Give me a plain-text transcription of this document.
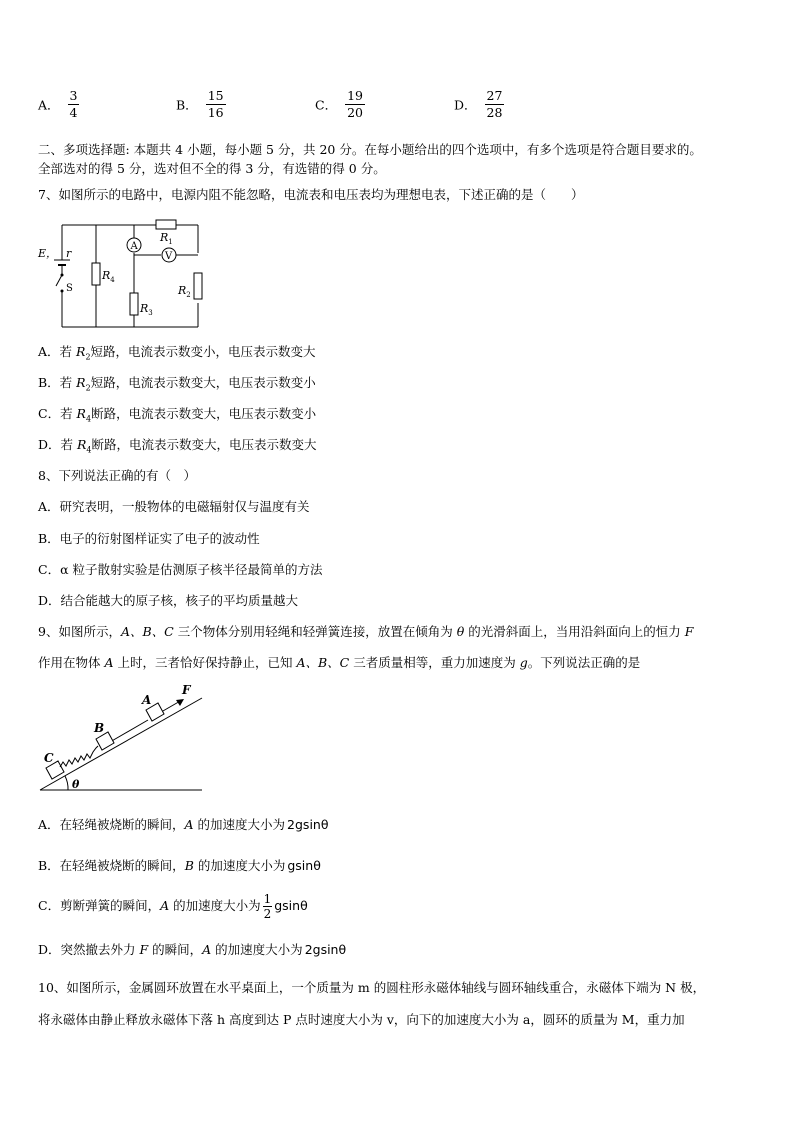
A． $\frac{3}{4}$	B． $\frac{15}{16}$	C． $\frac{19}{20}$	D． $\frac{27}{28}$
二、多项选择题: 本题共 4 小题，每小题 5 分，共 20 分。在每小题给出的四个选项中，有多个选项是符合题目要求的。
全部选对的得 5 分，选对但不全的得 3 分，有选错的得 0 分。
7、如图所示的电路中，电源内阻不能忽略，电流表和电压表均为理想电表，下述正确的是（　　）
A
V
E， r
S
$R_1$
$R_2$
$R_3$
$R_4$
A．若 $R_2$短路，电流表示数变小，电压表示数变大
B．若 $R_2$短路，电流表示数变大，电压表示数变小
C．若 $R_4$断路，电流表示数变大，电压表示数变小
D．若 $R_4$断路，电流表示数变大，电压表示数变大
8、下列说法正确的有（　）
A．研究表明，一般物体的电磁辐射仅与温度有关
B．电子的衍射图样证实了电子的波动性
C．α 粒子散射实验是估测原子核半径最简单的方法
D．结合能越大的原子核，核子的平均质量越大
9、如图所示，A、B、C 三个物体分别用轻绳和轻弹簧连接，放置在倾角为 θ 的光滑斜面上，当用沿斜面向上的恒力 F
作用在物体 A 上时，三者恰好保持静止，已知 A、B、C 三者质量相等，重力加速度为 g。下列说法正确的是
C
B
A
F
θ
A．在轻绳被烧断的瞬间，A 的加速度大小为 2gsinθ
B．在轻绳被烧断的瞬间，B 的加速度大小为 gsinθ
C．剪断弹簧的瞬间，A 的加速度大小为 $\frac{1}{2}$ gsinθ
D．突然撤去外力 F 的瞬间，A 的加速度大小为 2gsinθ
10、如图所示，金属圆环放置在水平桌面上，一个质量为 m 的圆柱形永磁体轴线与圆环轴线重合，永磁体下端为 N 极，
将永磁体由静止释放永磁体下落 h 高度到达 P 点时速度大小为 v，向下的加速度大小为 a，圆环的质量为 M，重力加
